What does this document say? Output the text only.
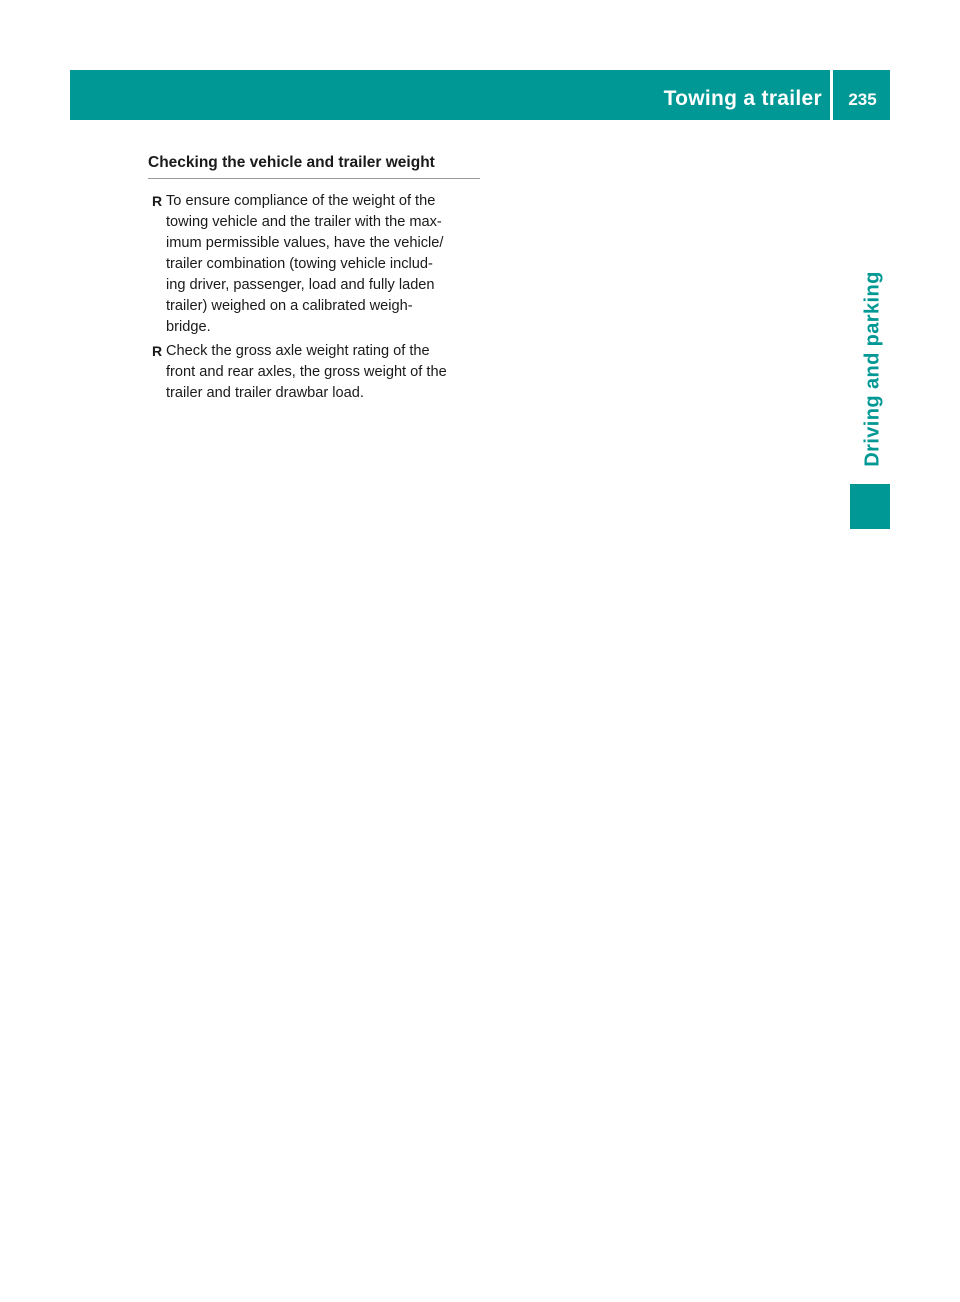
Towing a trailer	235
Driving and parking
Checking the vehicle and trailer weight
R To ensure compliance of the weight of the
towing vehicle and the trailer with the max-
imum permissible values, have the vehicle/
trailer combination (towing vehicle includ-
ing driver, passenger, load and fully laden
trailer) weighed on a calibrated weigh-
bridge.
R Check the gross axle weight rating of the
front and rear axles, the gross weight of the
trailer and trailer drawbar load.
